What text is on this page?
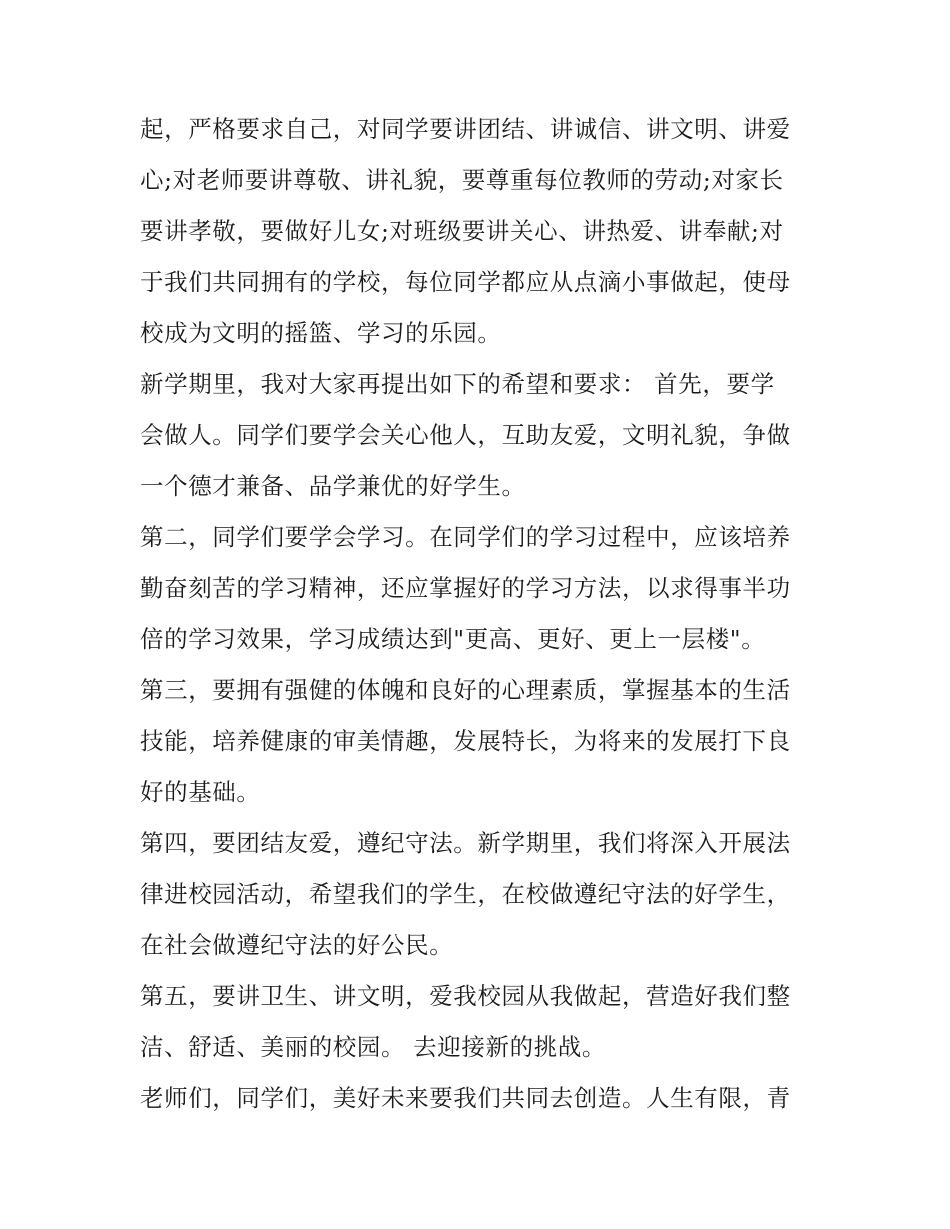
起，严格要求自己，对同学要讲团结、讲诚信、讲文明、讲爱
心;对老师要讲尊敬、讲礼貌，要尊重每位教师的劳动;对家长
要讲孝敬，要做好儿女;对班级要讲关心、讲热爱、讲奉献;对
于我们共同拥有的学校，每位同学都应从点滴小事做起，使母
校成为文明的摇篮、学习的乐园。
新学期里，我对大家再提出如下的希望和要求： 首先，要学
会做人。同学们要学会关心他人，互助友爱，文明礼貌，争做
一个德才兼备、品学兼优的好学生。
第二，同学们要学会学习。在同学们的学习过程中，应该培养
勤奋刻苦的学习精神，还应掌握好的学习方法，以求得事半功
倍的学习效果，学习成绩达到"更高、更好、更上一层楼"。
第三，要拥有强健的体魄和良好的心理素质，掌握基本的生活
技能，培养健康的审美情趣，发展特长，为将来的发展打下良
好的基础。
第四，要团结友爱，遵纪守法。新学期里，我们将深入开展法
律进校园活动，希望我们的学生，在校做遵纪守法的好学生，
在社会做遵纪守法的好公民。
第五，要讲卫生、讲文明，爱我校园从我做起，营造好我们整
洁、舒适、美丽的校园。 去迎接新的挑战。
老师们，同学们，美好未来要我们共同去创造。人生有限，青
